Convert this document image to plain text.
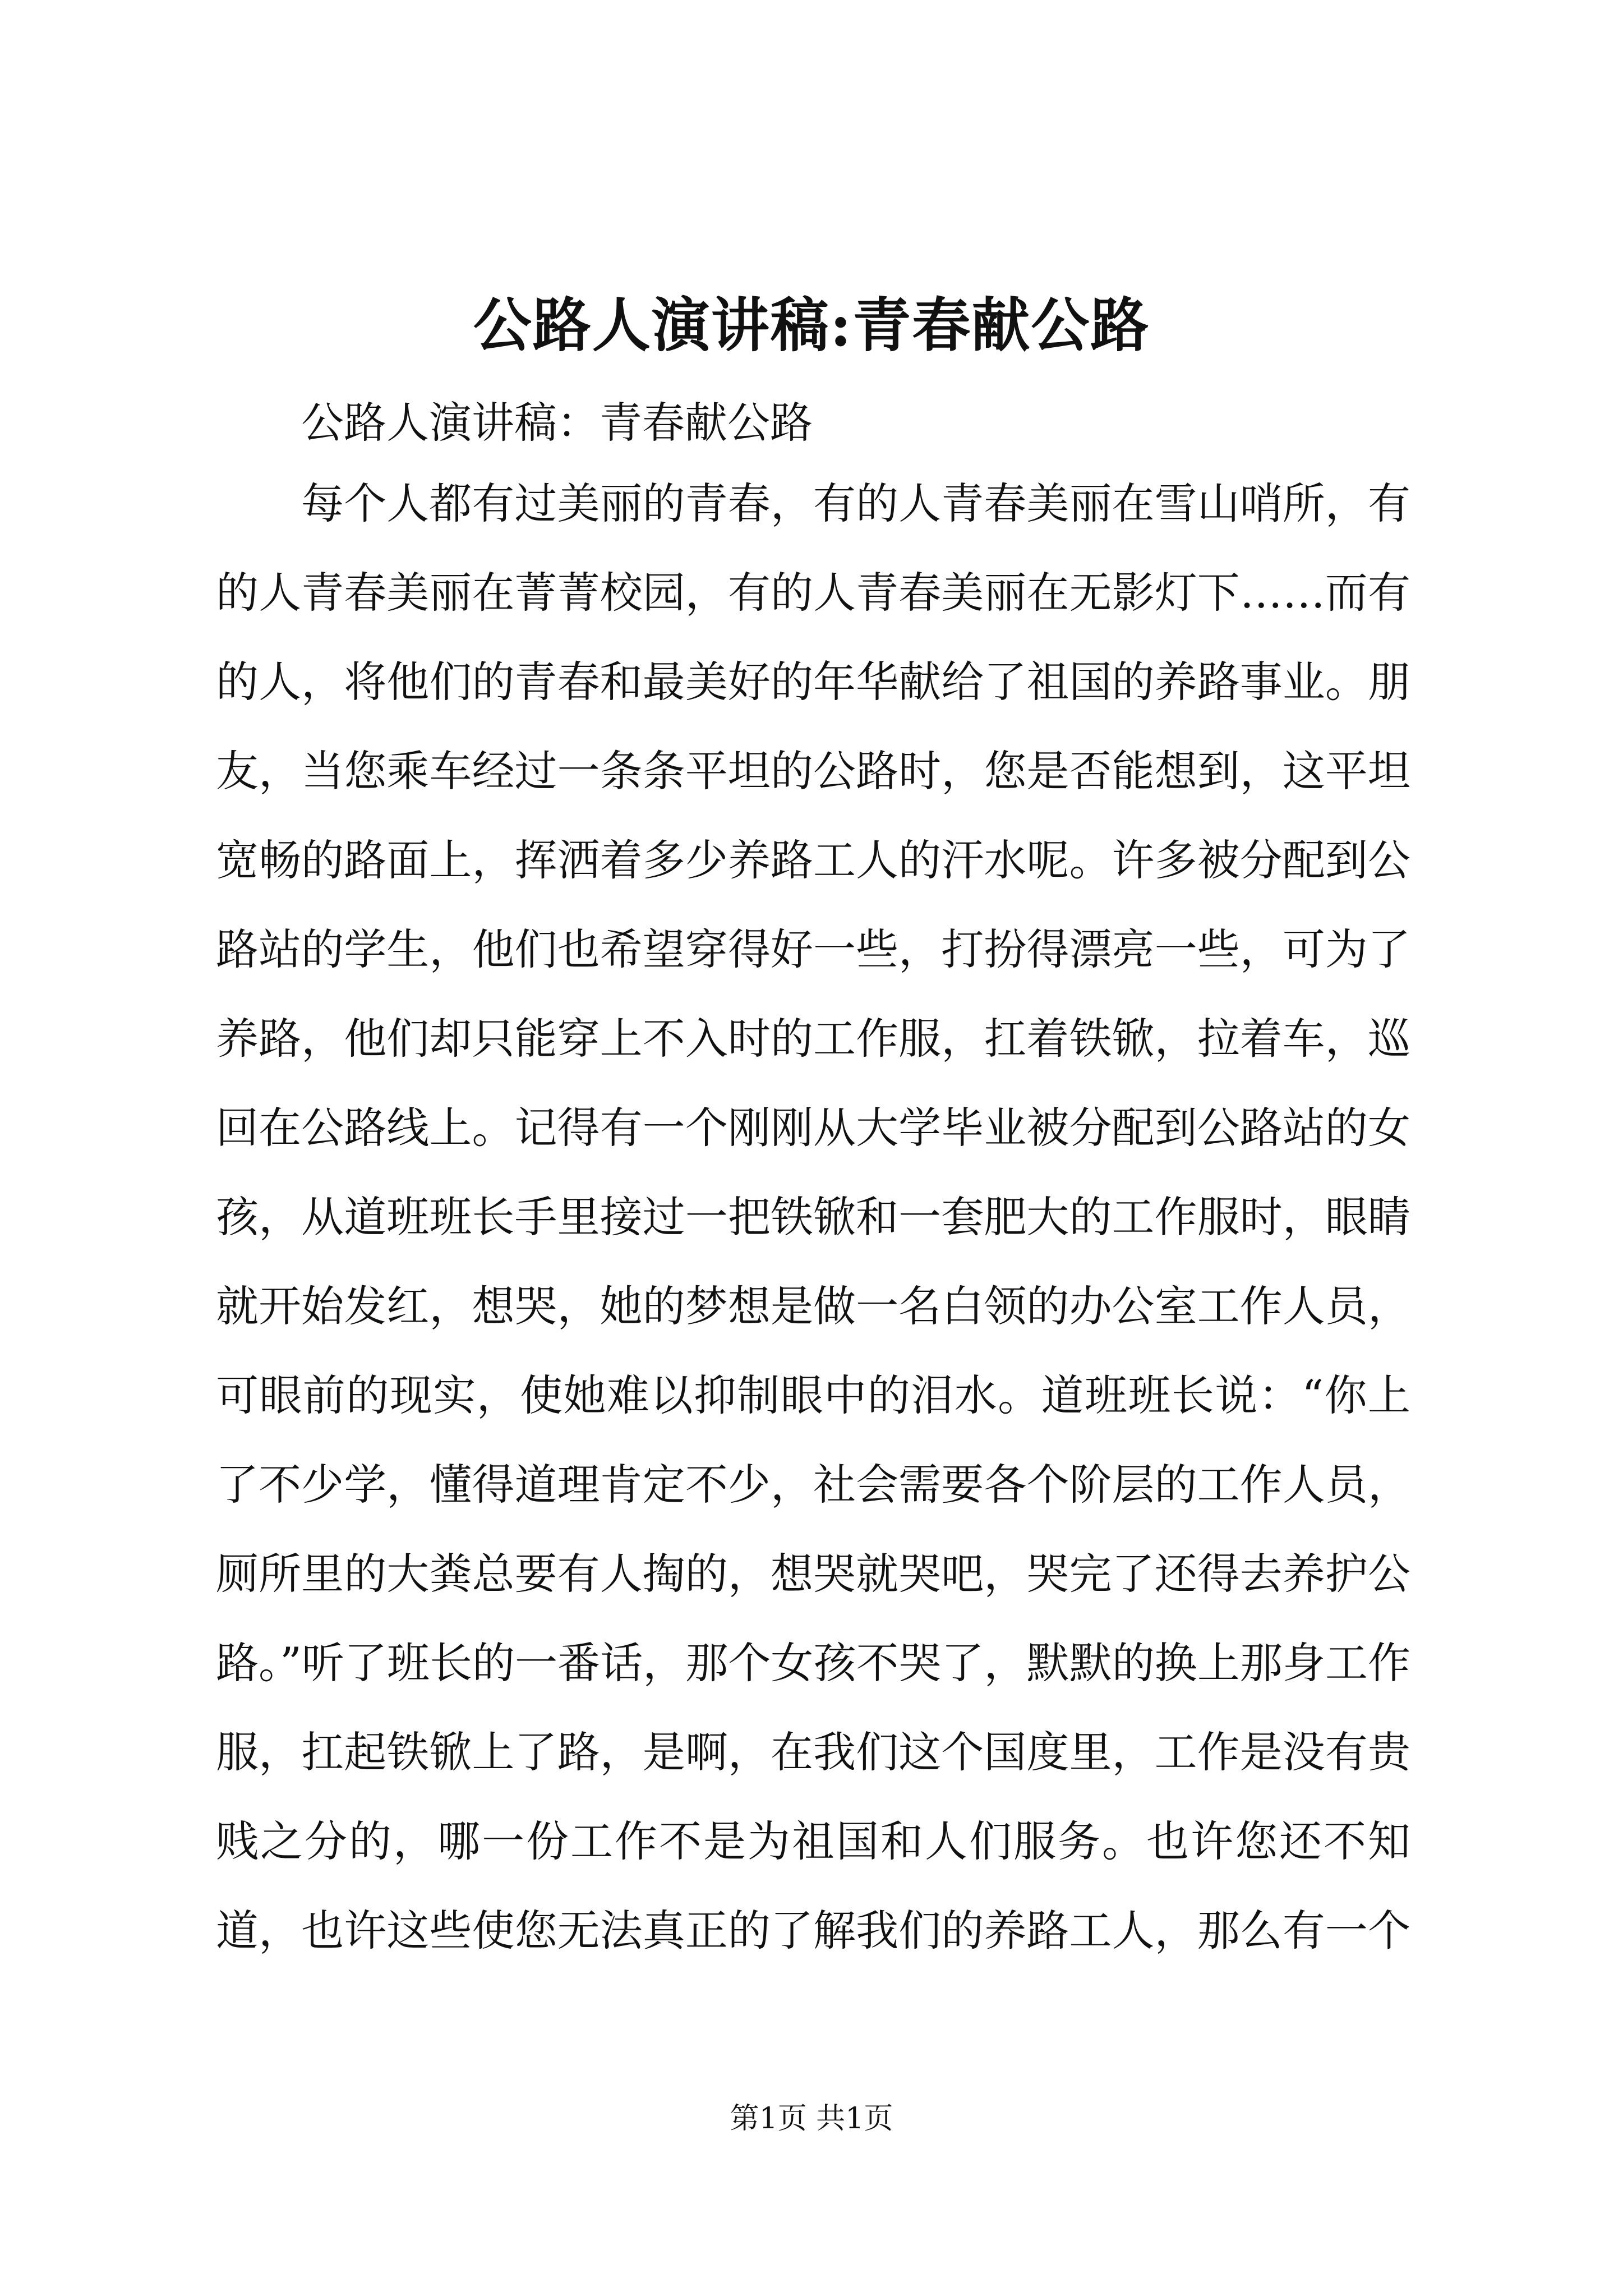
公路人演讲稿:青春献公路

公路人演讲稿：青春献公路

每个人都有过美丽的青春，有的人青春美丽在雪山哨所，有的人青春美丽在菁菁校园，有的人青春美丽在无影灯下……而有的人，将他们的青春和最美好的年华献给了祖国的养路事业。朋友，当您乘车经过一条条平坦的公路时，您是否能想到，这平坦宽畅的路面上，挥洒着多少养路工人的汗水呢。许多被分配到公路站的学生，他们也希望穿得好一些，打扮得漂亮一些，可为了养路，他们却只能穿上不入时的工作服，扛着铁锨，拉着车，巡回在公路线上。记得有一个刚刚从大学毕业被分配到公路站的女孩，从道班班长手里接过一把铁锨和一套肥大的工作服时，眼睛就开始发红，想哭，她的梦想是做一名白领的办公室工作人员，可眼前的现实，使她难以抑制眼中的泪水。道班班长说：“你上了不少学，懂得道理肯定不少，社会需要各个阶层的工作人员，厕所里的大粪总要有人掏的，想哭就哭吧，哭完了还得去养护公路。”听了班长的一番话，那个女孩不哭了，默默的换上那身工作服，扛起铁锨上了路，是啊，在我们这个国度里，工作是没有贵贱之分的，哪一份工作不是为祖国和人们服务。也许您还不知道，也许这些使您无法真正的了解我们的养路工人，那么有一个

第1页 共1页
